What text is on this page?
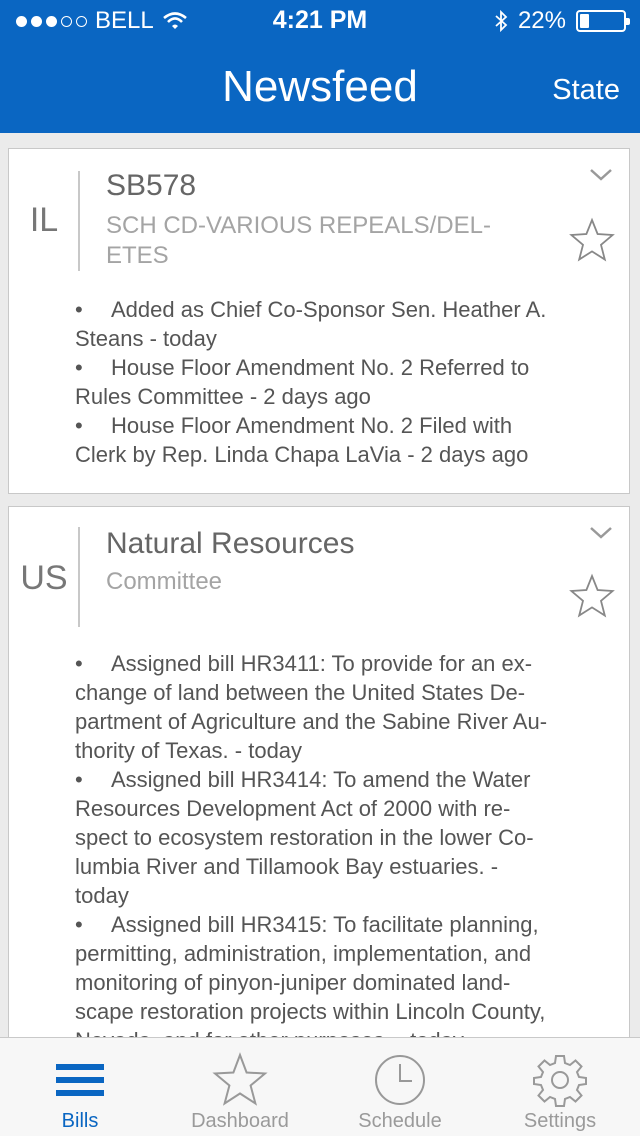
BELL	4:21 PM	22%
Newsfeed	State
IL
SB578
SCH CD-VARIOUS REPEALS/DEL-
ETES
• Added as Chief Co-Sponsor Sen. Heather A.
Steans - today
• House Floor Amendment No. 2 Referred to
Rules Committee - 2 days ago
• House Floor Amendment No. 2 Filed with
Clerk by Rep. Linda Chapa LaVia - 2 days ago
US
Natural Resources
Committee
• Assigned bill HR3411: To provide for an ex-
change of land between the United States De-
partment of Agriculture and the Sabine River Au-
thority of Texas. - today
• Assigned bill HR3414: To amend the Water
Resources Development Act of 2000 with re-
spect to ecosystem restoration in the lower Co-
lumbia River and Tillamook Bay estuaries. -
today
• Assigned bill HR3415: To facilitate planning,
permitting, administration, implementation, and
monitoring of pinyon-juniper dominated land-
scape restoration projects within Lincoln County,
Bills	Dashboard	Schedule	Settings
